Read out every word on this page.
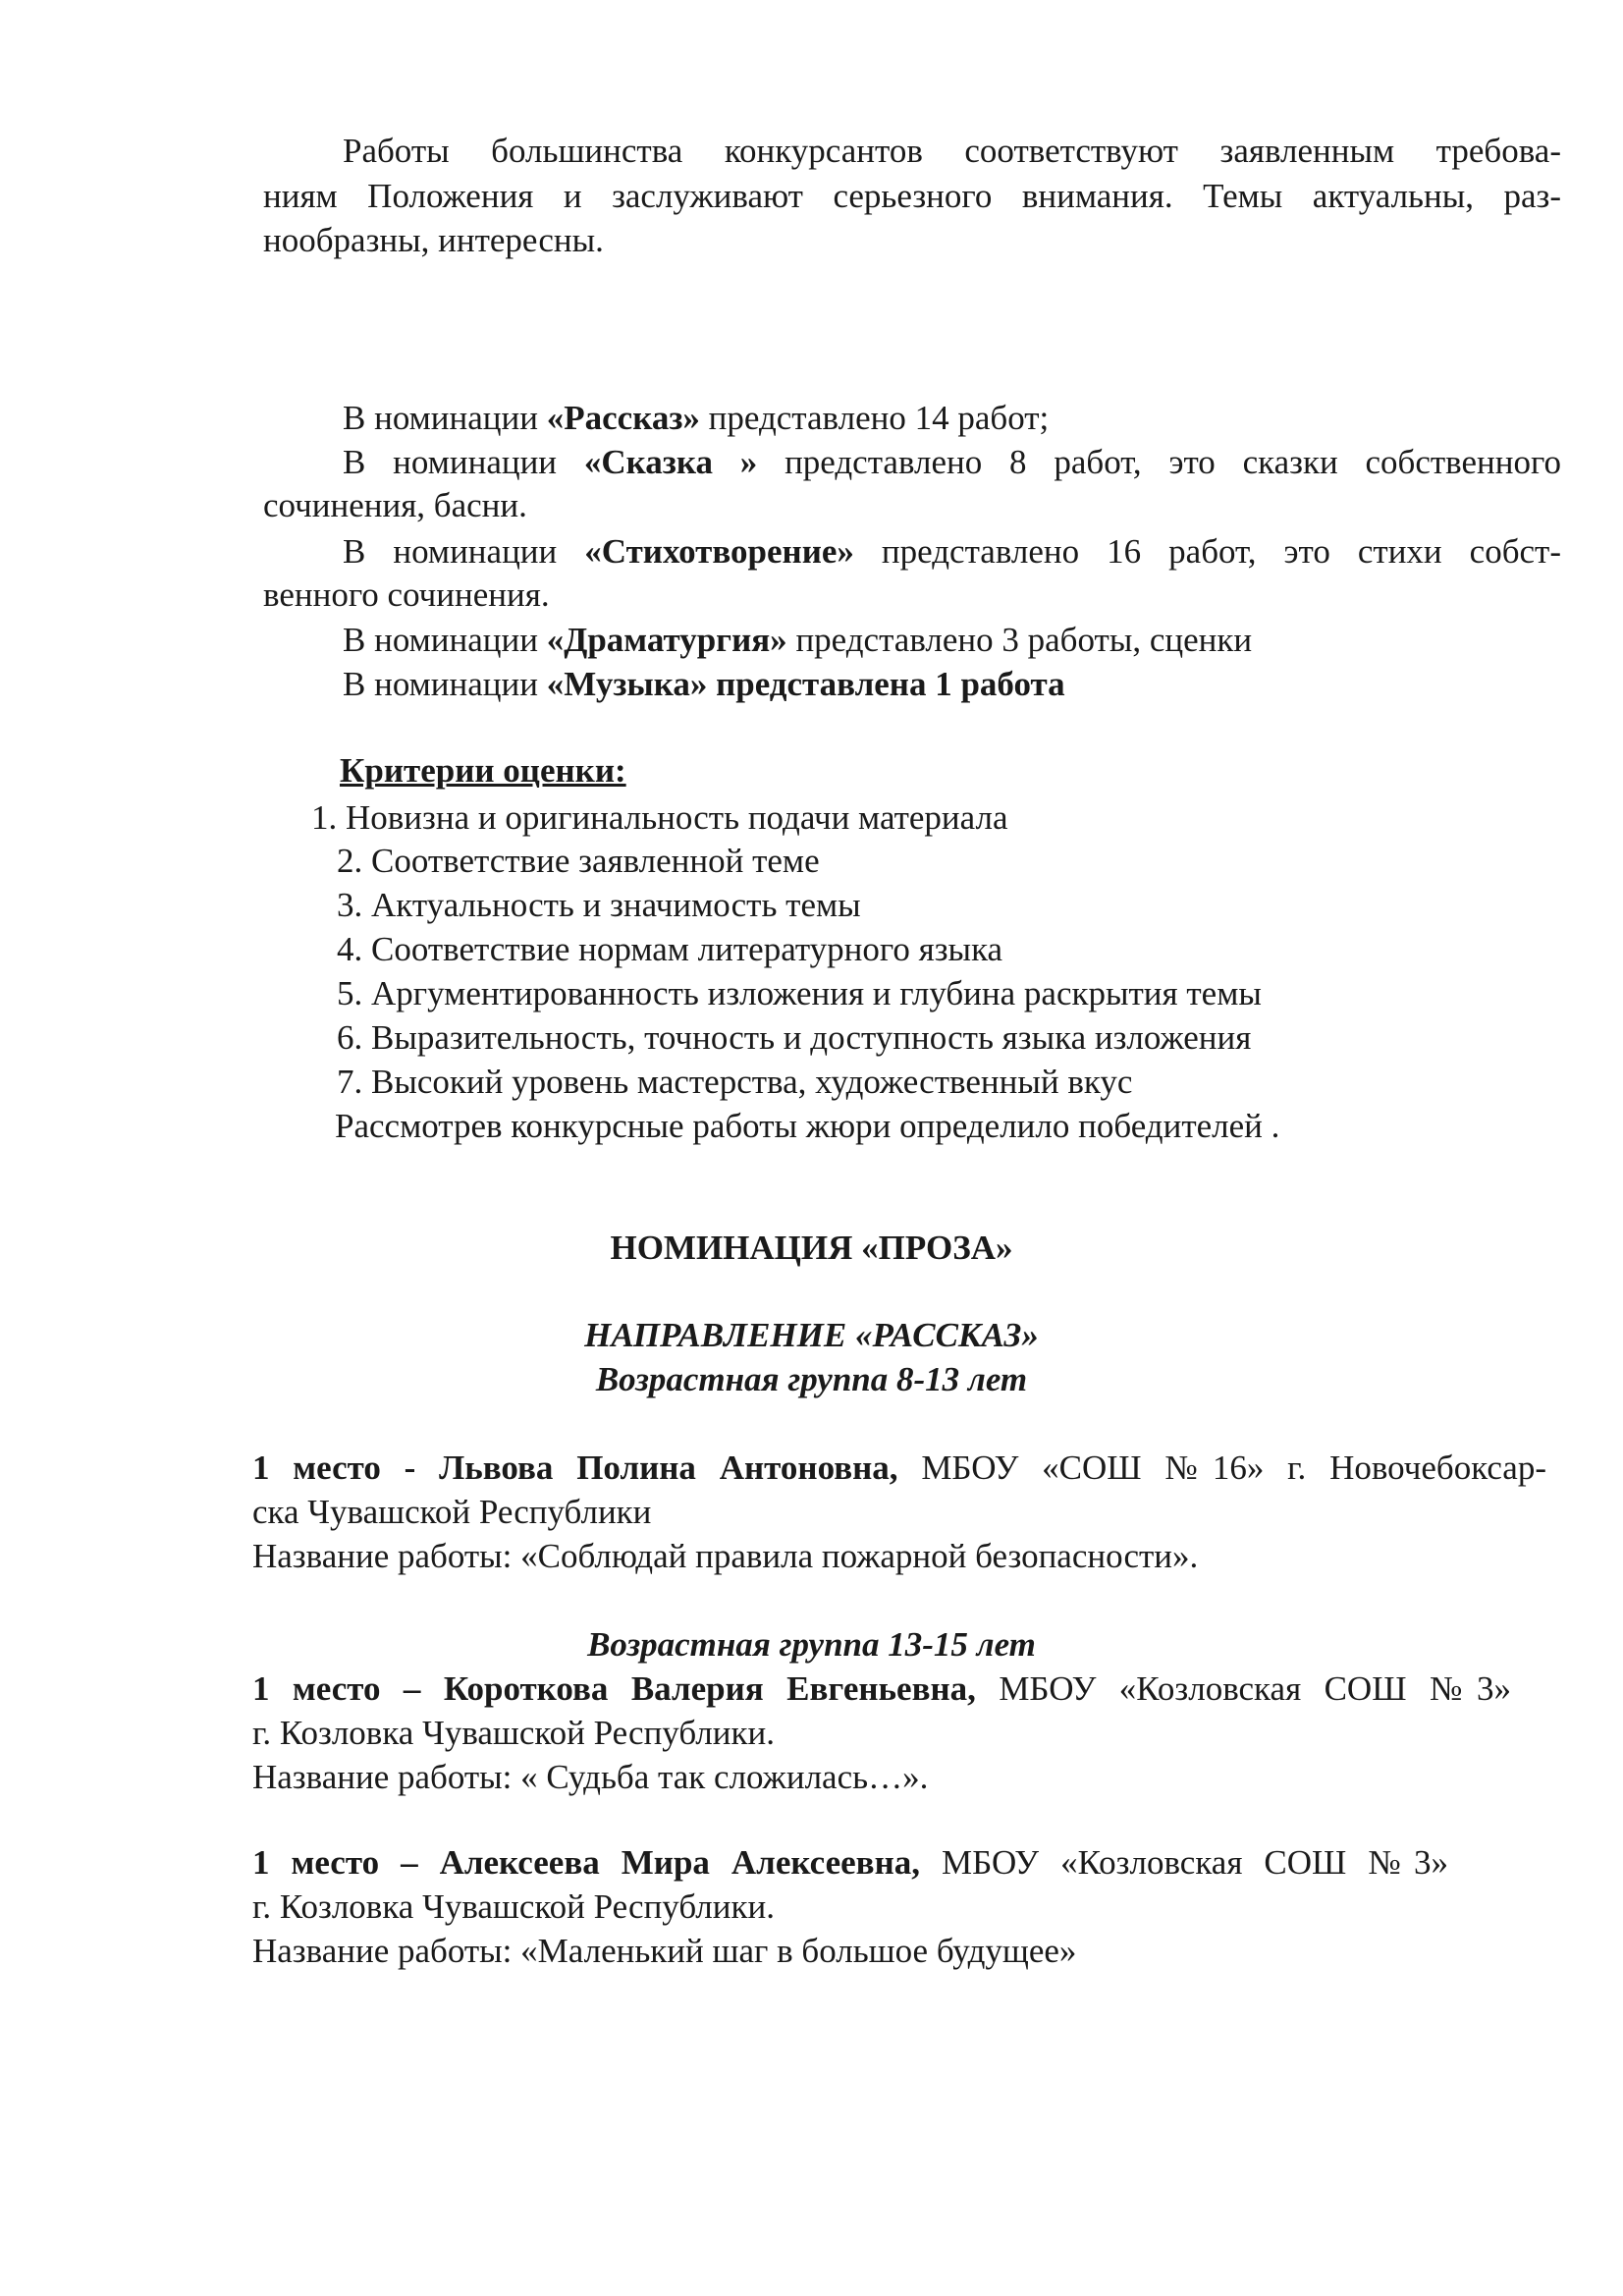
Работы большинства конкурсантов соответствуют заявленным требова-

ниям Положения и заслуживают серьезного внимания. Темы актуальны, раз-

нообразны, интересны.

В номинации «Рассказ» представлено 14 работ;

В номинации «Сказка » представлено 8 работ, это сказки собственного

сочинения, басни.

В номинации «Стихотворение» представлено 16 работ, это стихи собст-

венного сочинения.

В номинации «Драматургия» представлено 3 работы, сценки

В номинации «Музыка» представлена 1 работа

Критерии оценки:

1. Новизна и оригинальность подачи материала

2. Соответствие заявленной теме

3. Актуальность и значимость темы

4. Соответствие нормам литературного языка

5. Аргументированность изложения и глубина раскрытия темы

6. Выразительность, точность и доступность языка изложения

7. Высокий уровень мастерства, художественный вкус

Рассмотрев конкурсные работы жюри определило победителей .

НОМИНАЦИЯ «ПРОЗА»

НАПРАВЛЕНИЕ «РАССКАЗ»

Возрастная группа 8-13 лет

1 место - Львова Полина Антоновна, МБОУ «СОШ №16» г. Новочебоксар-

ска Чувашской Республики

Название работы: «Соблюдай правила пожарной безопасности».

Возрастная группа 13-15 лет

1 место – Короткова Валерия Евгеньевна, МБОУ «Козловская СОШ №3»

г. Козловка Чувашской Республики.

Название работы: « Судьба так сложилась…».

1 место – Алексеева Мира Алексеевна, МБОУ «Козловская СОШ №3»

г. Козловка Чувашской Республики.

Название работы: «Маленький шаг в большое будущее»
